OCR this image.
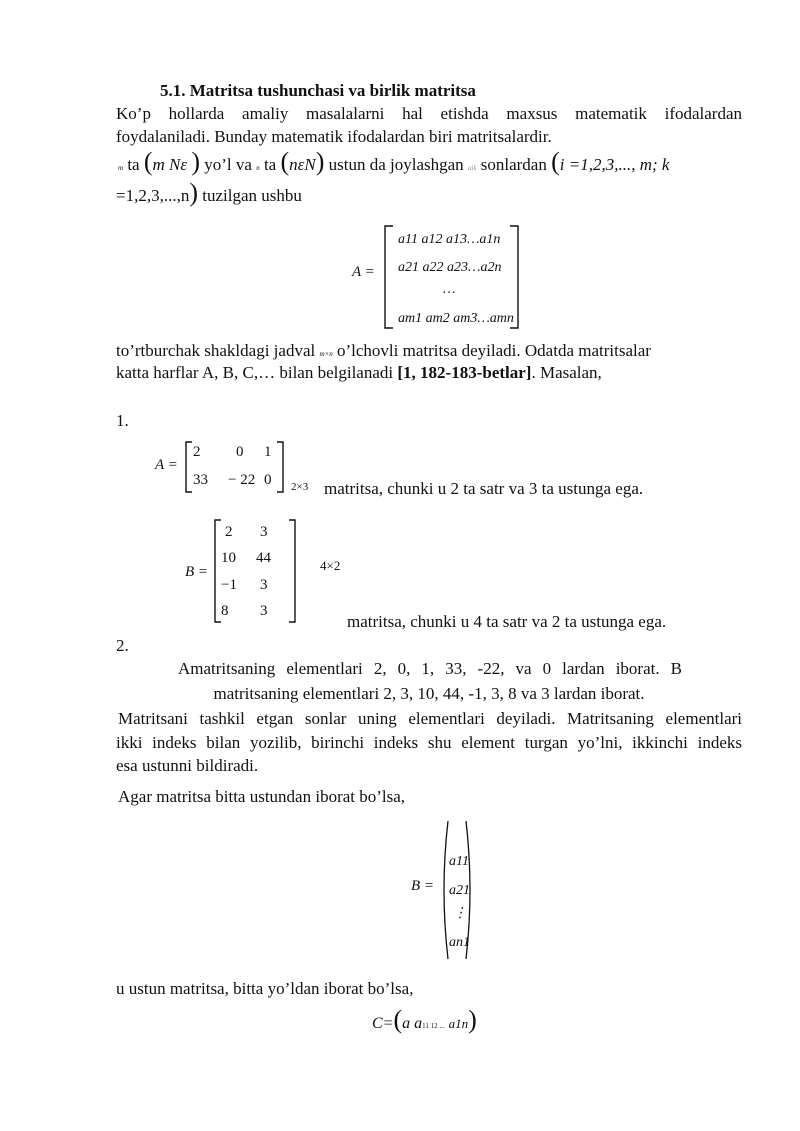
5.1. Matritsa tushunchasi va birlik matritsa
Ko’p hollarda amaliy masalalarni hal etishda maxsus matematik ifodalardan
foydalaniladi. Bunday matematik ifodalardan biri matritsalardir.
m ta (m Nε ) yo’l va n ta (nεN) ustun da joylashgan aik sonlardan (i =1,2,3,..., m; k
=1,2,3,...,n) tuzilgan ushbu
A =
a11 a12 a13…a1n
a21 a22 a23…a2n
…
am1 am2 am3…amn
to’rtburchak shakldagi jadval m×n o’lchovli matritsa deyiladi. Odatda matritsalar
katta harflar A, B, C,… bilan belgilanadi [1, 182-183-betlar]. Masalan,
1.
A =
2 0 1
33 − 22 0 2×3 matritsa, chunki u 2 ta satr va 3 ta ustunga ega.
B =
2 3
10 44
−1 3
8 3
4×2
matritsa, chunki u 4 ta satr va 2 ta ustunga ega.
2.
Amatritsaning elementlari 2, 0, 1, 33, -22, va 0 lardan iborat. B
matritsaning elementlari 2, 3, 10, 44, -1, 3, 8 va 3 lardan iborat.
Matritsani tashkil etgan sonlar uning elementlari deyiladi. Matritsaning elementlari
ikki indeks bilan yozilib, birinchi indeks shu element turgan yo’lni, ikkinchi indeks
esa ustunni bildiradi.
Agar matritsa bitta ustundan iborat bo’lsa,
B =
a11
a21
⋮
an1
u ustun matritsa, bitta yo’ldan iborat bo’lsa,
C=(a a11 12 ... a1n)
